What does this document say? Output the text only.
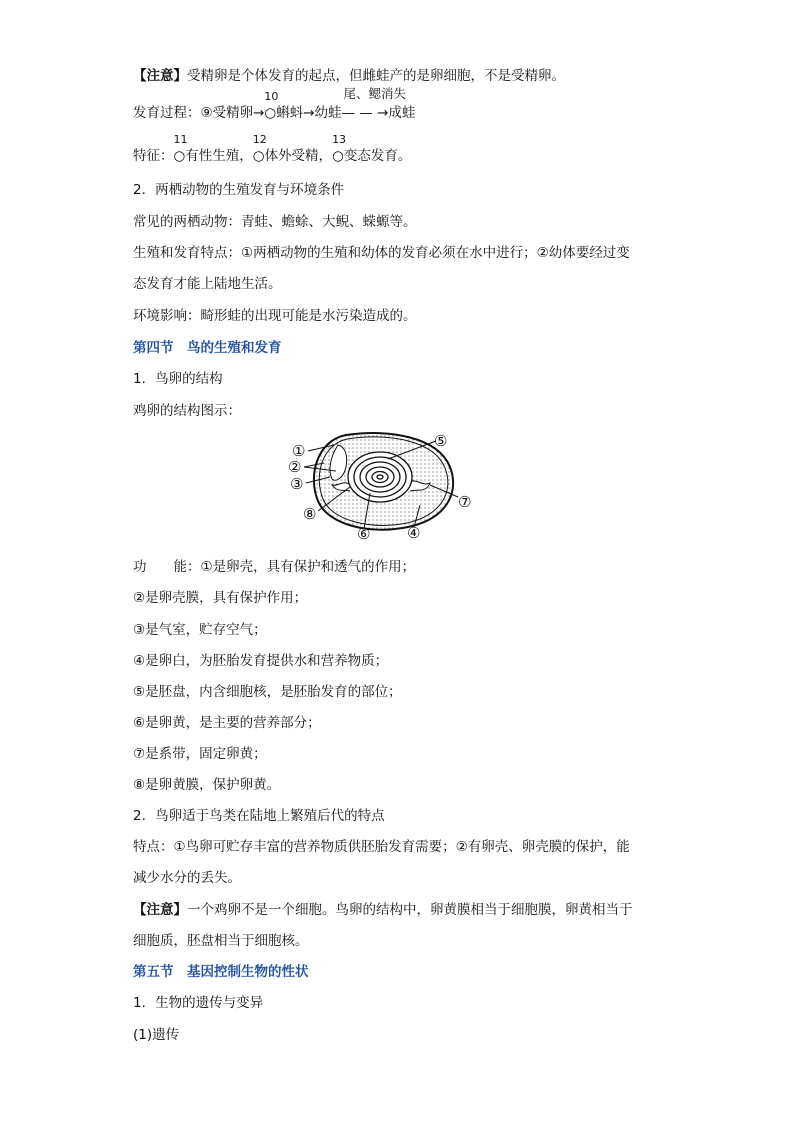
【注意】受精卵是个体发育的起点，但雌蛙产的是卵细胞，不是受精卵。
发育过程：⑨受精卵→
10
○蝌蚪→幼蛙
尾、鳃消失
— — →成蛙
特征：
11
○有性生殖，
12
○体外受精，
13
○变态发育。
2．两栖动物的生殖发育与环境条件
常见的两栖动物：青蛙、蟾蜍、大鲵、蝾螈等。
生殖和发育特点：①两栖动物的生殖和幼体的发育必须在水中进行；②幼体要经过变
态发育才能上陆地生活。
环境影响：畸形蛙的出现可能是水污染造成的。
第四节　鸟的生殖和发育
1．鸟卵的结构
鸡卵的结构图示：
①
②
③
④
⑤
⑥
⑦
⑧
功　　能：①是卵壳，具有保护和透气的作用；
②是卵壳膜，具有保护作用；
③是气室，贮存空气；
④是卵白，为胚胎发育提供水和营养物质；
⑤是胚盘，内含细胞核，是胚胎发育的部位；
⑥是卵黄，是主要的营养部分；
⑦是系带，固定卵黄；
⑧是卵黄膜，保护卵黄。
2．鸟卵适于鸟类在陆地上繁殖后代的特点
特点：①鸟卵可贮存丰富的营养物质供胚胎发育需要；②有卵壳、卵壳膜的保护，能
减少水分的丢失。
【注意】一个鸡卵不是一个细胞。鸟卵的结构中，卵黄膜相当于细胞膜，卵黄相当于
细胞质，胚盘相当于细胞核。
第五节　基因控制生物的性状
1．生物的遗传与变异
(1)遗传
